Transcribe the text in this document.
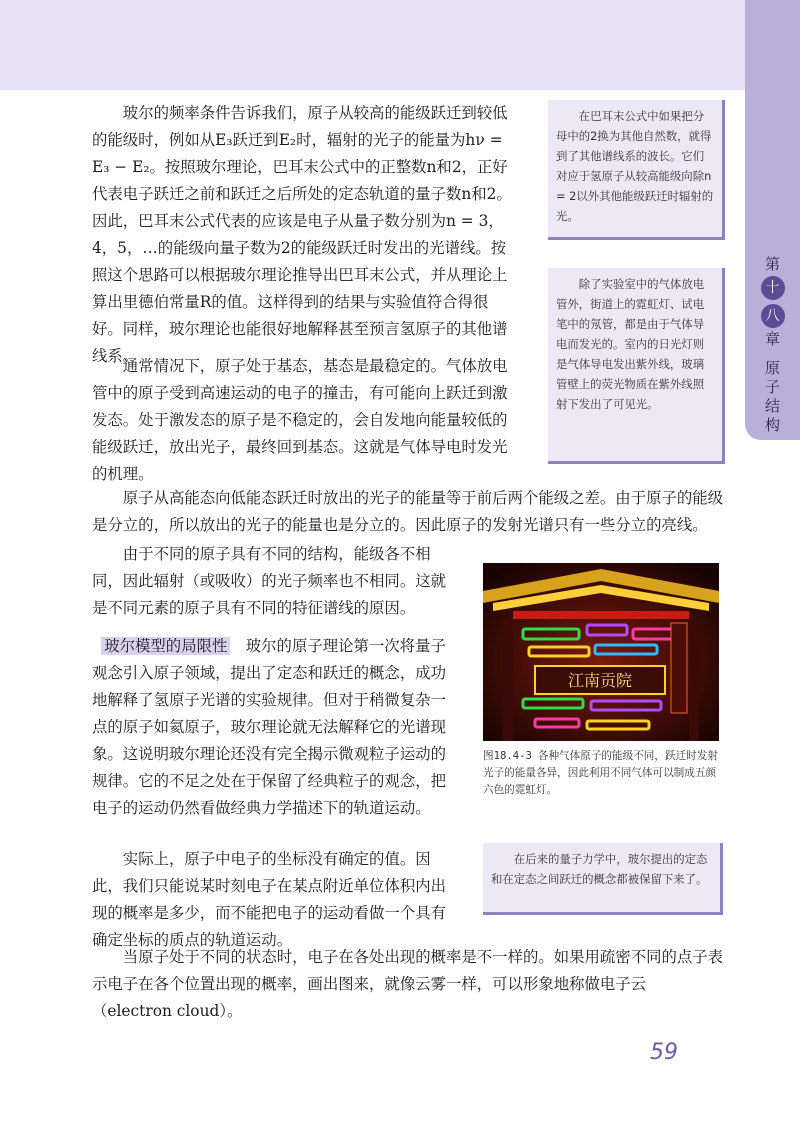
第
十
八
章
原
子
结
构

玻尔的频率条件告诉我们，原子从较高的能级跃迁到较低的能级时，例如从E₃跃迁到E₂时，辐射的光子的能量为hν = E₃ − E₂。按照玻尔理论，巴耳末公式中的正整数n和2，正好代表电子跃迁之前和跃迁之后所处的定态轨道的量子数n和2。因此，巴耳末公式代表的应该是电子从量子数分别为n = 3，4，5，…的能级向量子数为2的能级跃迁时发出的光谱线。按照这个思路可以根据玻尔理论推导出巴耳末公式，并从理论上算出里德伯常量R的值。这样得到的结果与实验值符合得很好。同样，玻尔理论也能很好地解释甚至预言氢原子的其他谱线系。

通常情况下，原子处于基态，基态是最稳定的。气体放电管中的原子受到高速运动的电子的撞击，有可能向上跃迁到激发态。处于激发态的原子是不稳定的，会自发地向能量较低的能级跃迁，放出光子，最终回到基态。这就是气体导电时发光的机理。

原子从高能态向低能态跃迁时放出的光子的能量等于前后两个能级之差。由于原子的能级是分立的，所以放出的光子的能量也是分立的。因此原子的发射光谱只有一些分立的亮线。

由于不同的原子具有不同的结构，能级各不相同，因此辐射（或吸收）的光子频率也不相同。这就是不同元素的原子具有不同的特征谱线的原因。

玻尔模型的局限性  玻尔的原子理论第一次将量子观念引入原子领域，提出了定态和跃迁的概念，成功地解释了氢原子光谱的实验规律。但对于稍微复杂一点的原子如氦原子，玻尔理论就无法解释它的光谱现象。这说明玻尔理论还没有完全揭示微观粒子运动的规律。它的不足之处在于保留了经典粒子的观念，把电子的运动仍然看做经典力学描述下的轨道运动。

实际上，原子中电子的坐标没有确定的值。因此，我们只能说某时刻电子在某点附近单位体积内出现的概率是多少，而不能把电子的运动看做一个具有确定坐标的质点的轨道运动。

当原子处于不同的状态时，电子在各处出现的概率是不一样的。如果用疏密不同的点子表示电子在各个位置出现的概率，画出图来，就像云雾一样，可以形象地称做电子云（electron cloud）。

在巴耳末公式中如果把分母中的2换为其他自然数，就得到了其他谱线系的波长。它们对应于氢原子从较高能级向除n = 2以外其他能级跃迁时辐射的光。
除了实验室中的气体放电管外，街道上的霓虹灯、试电笔中的氖管，都是由于气体导电而发光的。室内的日光灯则是气体导电发出紫外线，玻璃管壁上的荧光物质在紫外线照射下发出了可见光。
在后来的量子力学中，玻尔提出的定态和在定态之间跃迁的概念都被保留下来了。
江南贡院
图18.4-3 各种气体原子的能级不同，跃迁时发射光子的能量各异，因此利用不同气体可以制成五颜六色的霓虹灯。
59
